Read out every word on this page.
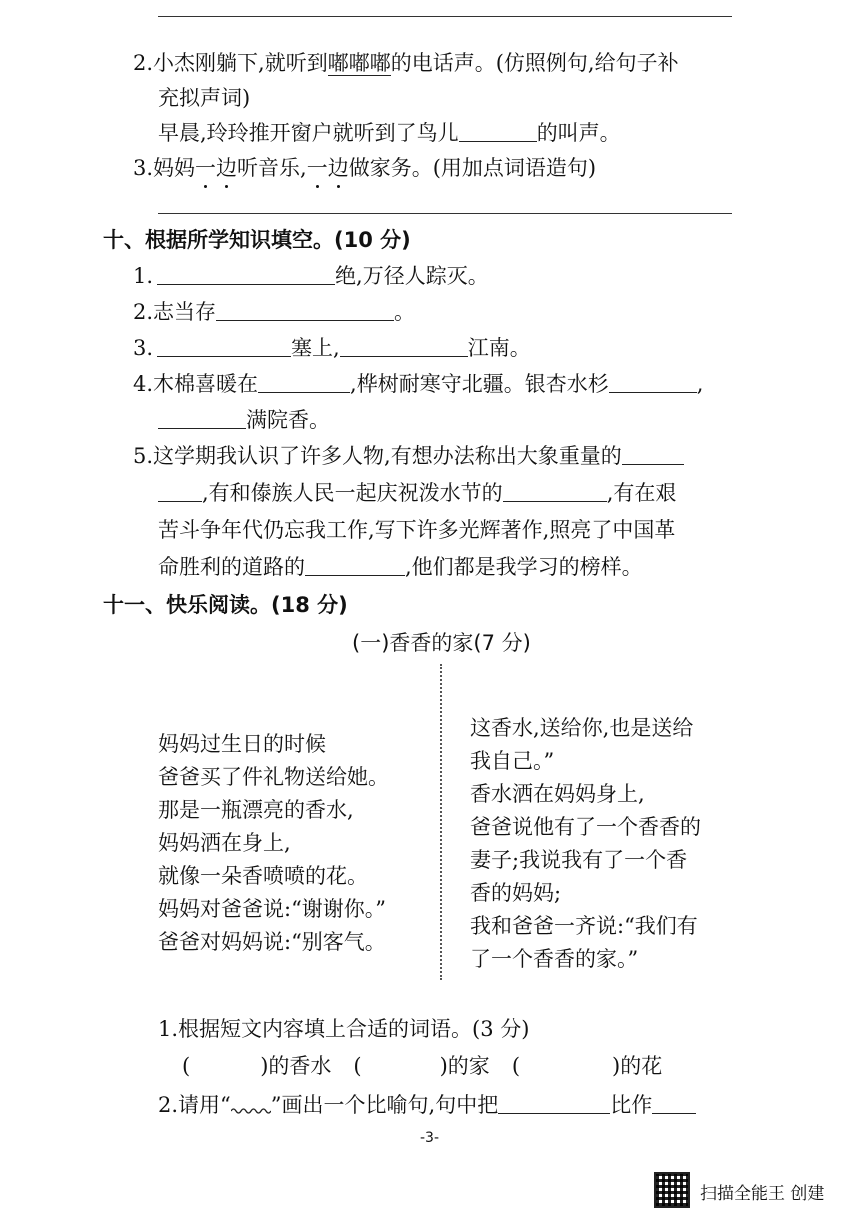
2.小杰刚躺下,就听到嘟嘟嘟的电话声。(仿照例句,给句子补
充拟声词)
早晨,玲玲推开窗户就听到了鸟儿	的叫声。
3.妈妈一边听音乐,一边做家务。(用加点词语造句)
十、根据所学知识填空。(10 分)
1.	绝,万径人踪灭。
2.志当存	。
3.	塞上,	江南。
4.木棉喜暖在	,桦树耐寒守北疆。银杏水杉	,
满院香。
5.这学期我认识了许多人物,有想办法称出大象重量的
,有和傣族人民一起庆祝泼水节的	,有在艰
苦斗争年代仍忘我工作,写下许多光辉著作,照亮了中国革
命胜利的道路的	,他们都是我学习的榜样。
十一、快乐阅读。(18 分)
(一)香香的家(7 分)
妈妈过生日的时候
爸爸买了件礼物送给她。
那是一瓶漂亮的香水,
妈妈洒在身上,
就像一朵香喷喷的花。
妈妈对爸爸说:“谢谢你。”
爸爸对妈妈说:“别客气。
这香水,送给你,也是送给
我自己。”
香水洒在妈妈身上,
爸爸说他有了一个香香的
妻子;我说我有了一个香
香的妈妈;
我和爸爸一齐说:“我们有
了一个香香的家。”
1.根据短文内容填上合适的词语。(3 分)
(	)的香水 (	)的家 (	)的花
2.请用“ ”画出一个比喻句,句中把	比作
-3-
扫描全能王 创建
